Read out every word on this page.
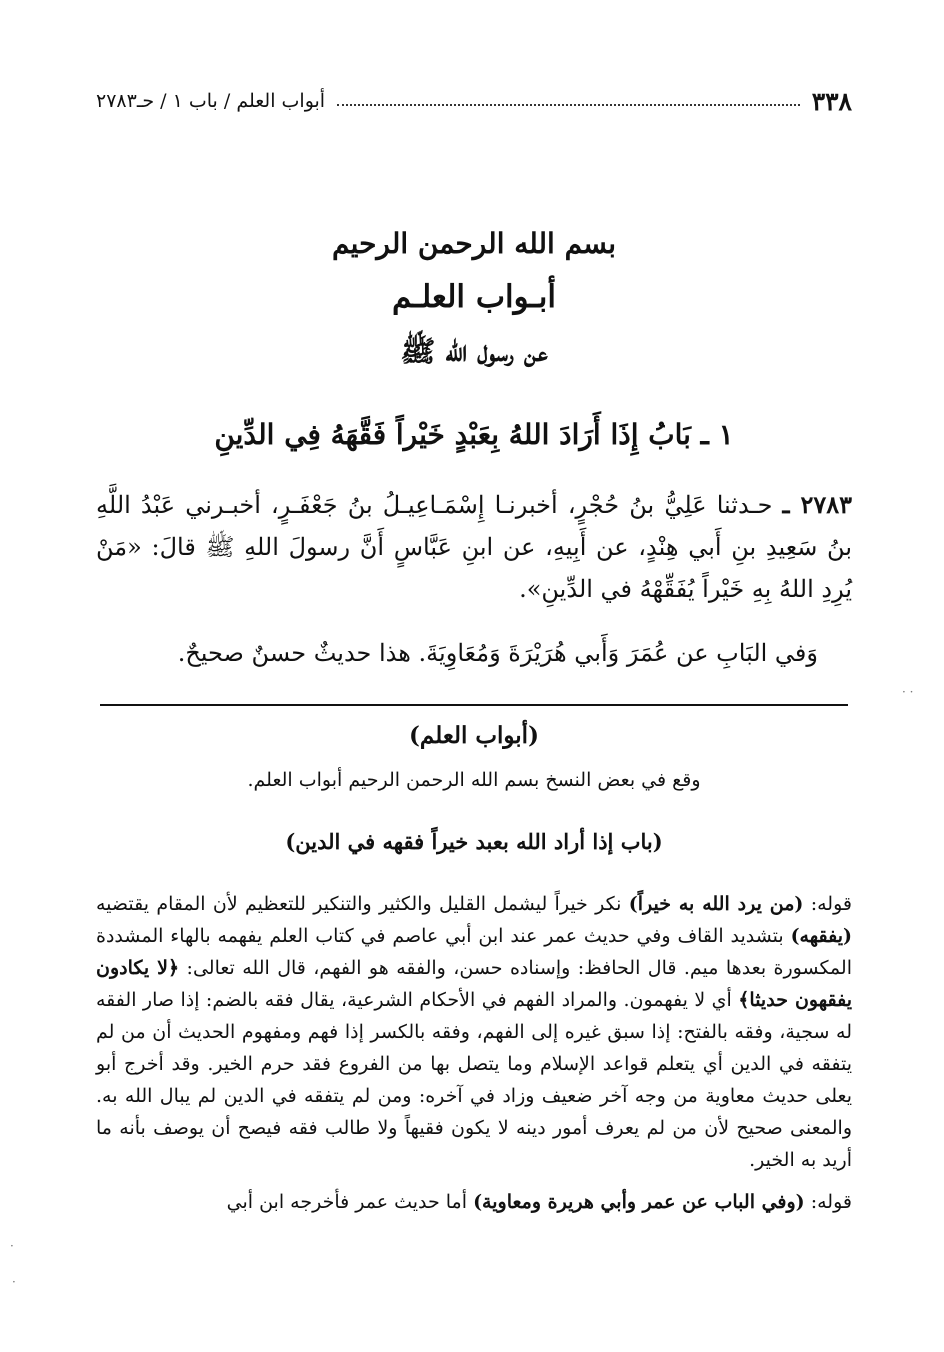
٣٣٨
أبواب العلم / باب ١ / حـ٢٧٨٣
بسم الله الرحمن الرحيم
أبـواب العلـم
عن رسول الله ﷺ
١ ـ بَابُ إِذَا أَرَادَ اللهُ بِعَبْدٍ خَيْراً فَقَّهَهُ فِي الدِّينِ
٢٧٨٣ ـ حـدثنا عَلِيُّ بنُ حُجْرٍ، أخبرنـا إِسْمَـاعِيـلُ بنُ جَعْفَـرٍ، أخبـرني عَبْدُ اللَّهِ بنُ سَعِيدِ بنِ أَبي هِنْدٍ، عن أَبِيهِ، عن ابنِ عَبَّاسٍ أَنَّ رسولَ اللهِ ﷺ قالَ: «مَنْ يُرِدِ اللهُ بِهِ خَيْراً يُفَقِّهْهُ في الدِّينِ».
وَفي البَابِ عن عُمَرَ وَأَبي هُرَيْرَةَ وَمُعَاوِيَةَ. هذا حديثٌ حسنٌ صحيحٌ.
(أبواب العلم)
وقع في بعض النسخ بسم الله الرحمن الرحيم أبواب العلم.
(باب إذا أراد الله بعبد خيراً فقهه في الدين)

قوله: (من يرد الله به خيراً) نكر خيراً ليشمل القليل والكثير والتنكير للتعظيم لأن المقام يقتضيه (يفقهه) بتشديد القاف وفي حديث عمر عند ابن أبي عاصم في كتاب العلم يفهمه بالهاء المشددة المكسورة بعدها ميم. قال الحافظ: وإسناده حسن، والفقه هو الفهم، قال الله تعالى: ﴿لا يكادون يفقهون حديثا﴾ أي لا يفهمون. والمراد الفهم في الأحكام الشرعية، يقال فقه بالضم: إذا صار الفقه له سجية، وفقه بالفتح: إذا سبق غيره إلى الفهم، وفقه بالكسر إذا فهم ومفهوم الحديث أن من لم يتفقه في الدين أي يتعلم قواعد الإسلام وما يتصل بها من الفروع فقد حرم الخير. وقد أخرج أبو يعلى حديث معاوية من وجه آخر ضعيف وزاد في آخره: ومن لم يتفقه في الدين لم يبال الله به. والمعنى صحيح لأن من لم يعرف أمور دينه لا يكون فقيهاً ولا طالب فقه فيصح أن يوصف بأنه ما أريد به الخير.

قوله: (وفي الباب عن عمر وأبي هريرة ومعاوية) أما حديث عمر فأخرجه ابن أبي

· ·
·
·
